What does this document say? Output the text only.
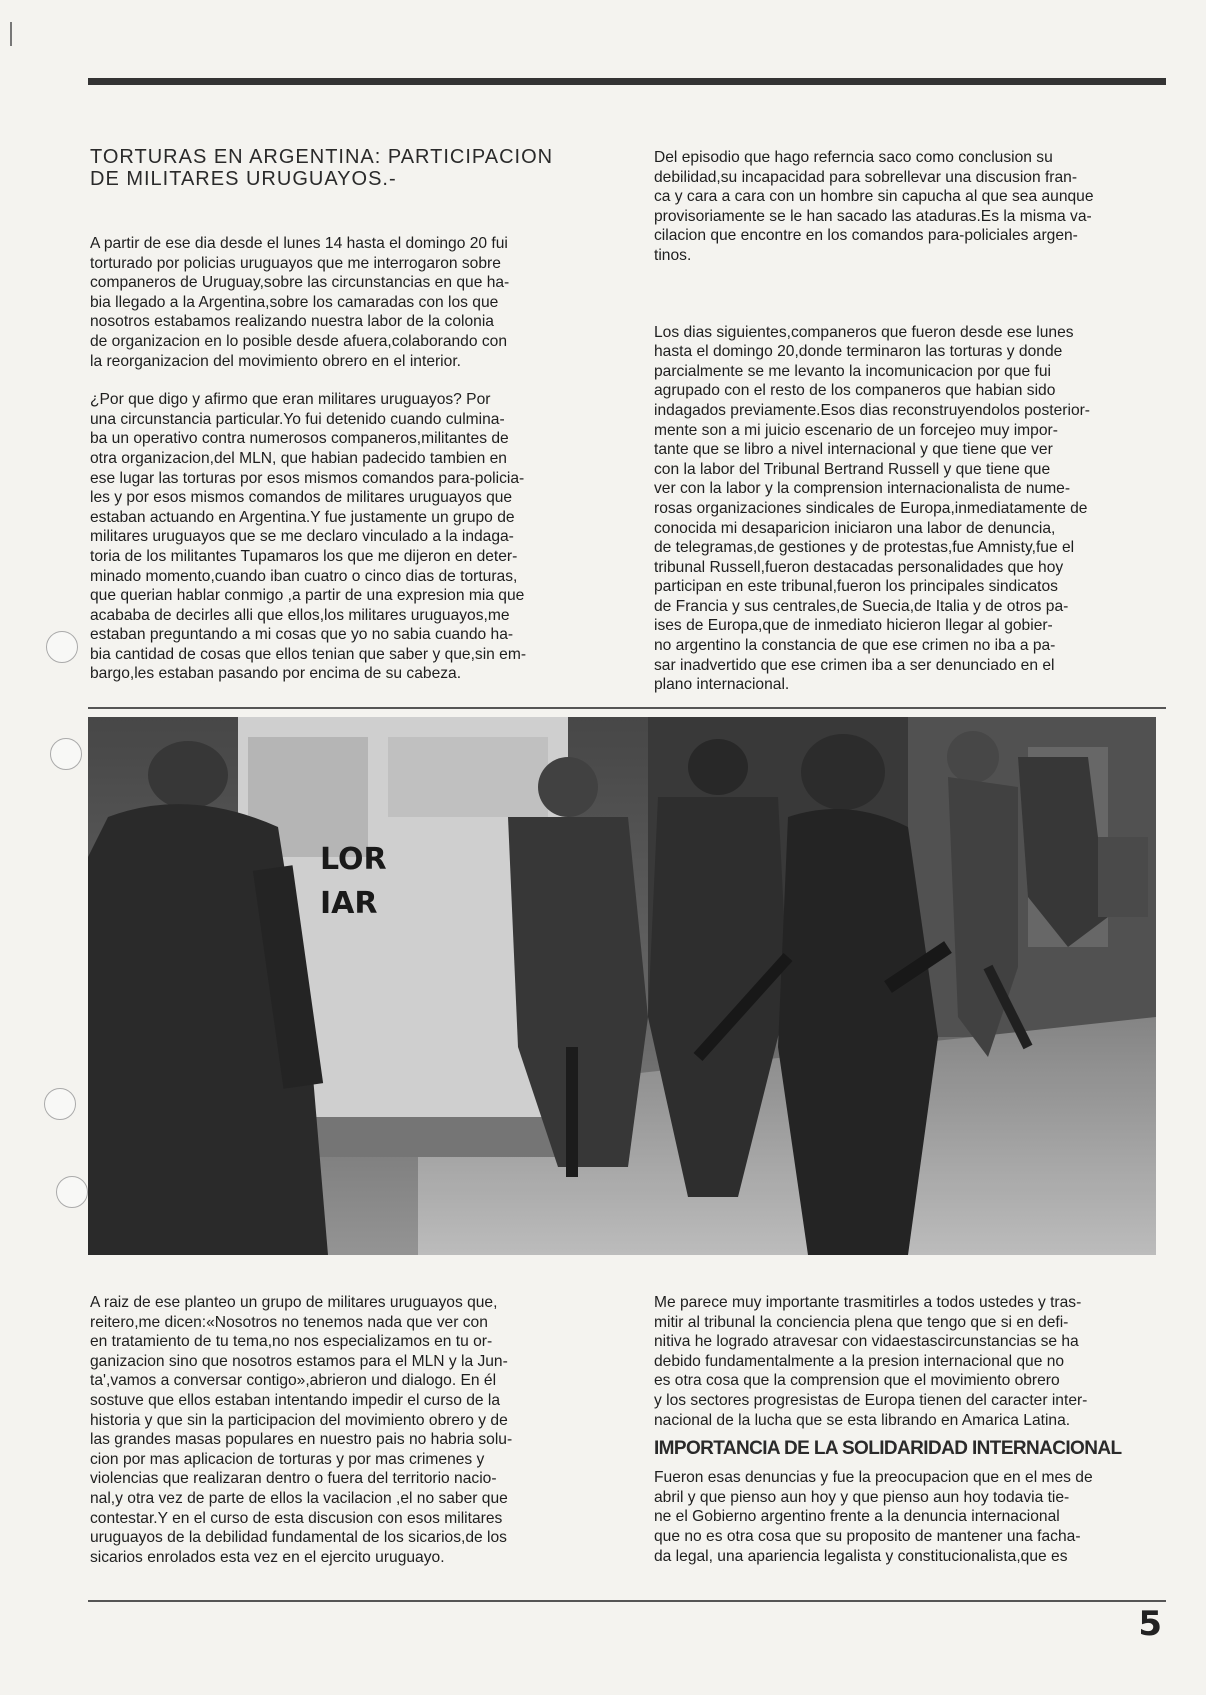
TORTURAS EN ARGENTINA: PARTICIPACION
DE MILITARES URUGUAYOS.-

A partir de ese dia desde el lunes 14 hasta el domingo 20 fui
torturado por policias uruguayos que me interrogaron sobre
companeros de Uruguay,sobre las circunstancias en que ha-
bia llegado a la Argentina,sobre los camaradas con los que
nosotros estabamos realizando nuestra labor de la colonia
de organizacion en lo posible desde afuera,colaborando con
la reorganizacion del movimiento obrero en el interior.

¿Por que digo y afirmo que eran militares uruguayos? Por
una circunstancia particular.Yo fui detenido cuando culmina-
ba un operativo contra numerosos companeros,militantes de
otra organizacion,del MLN, que habian padecido tambien en
ese lugar las torturas por esos mismos comandos para-policia-
les y por esos mismos comandos de militares uruguayos que
estaban actuando en Argentina.Y fue justamente un grupo de
militares uruguayos que se me declaro vinculado a la indaga-
toria de los militantes Tupamaros los que me dijeron en deter-
minado momento,cuando iban cuatro o cinco dias de torturas,
que querian hablar conmigo ,a partir de una expresion mia que
acababa de decirles alli que ellos,los militares uruguayos,me
estaban preguntando a mi cosas que yo no sabia cuando ha-
bia cantidad de cosas que ellos tenian que saber y que,sin em-
bargo,les estaban pasando por encima de su cabeza.

Del episodio que hago referncia saco como conclusion su
debilidad,su incapacidad para sobrellevar una discusion fran-
ca y cara a cara con un hombre sin capucha al que sea aunque
provisoriamente se le han sacado las ataduras.Es la misma va-
cilacion que encontre en los comandos para-policiales argen-
tinos.

Los dias siguientes,companeros que fueron desde ese lunes
hasta el domingo 20,donde terminaron las torturas y donde
parcialmente se me levanto la incomunicacion por que fui
agrupado con el resto de los companeros que habian sido
indagados previamente.Esos dias reconstruyendolos posterior-
mente son a mi juicio escenario de un forcejeo muy impor-
tante que se libro a nivel internacional y que tiene que ver
con la labor del Tribunal Bertrand Russell y que tiene que
ver con la labor y la comprension internacionalista de nume-
rosas organizaciones sindicales de Europa,inmediatamente de
conocida mi desaparicion iniciaron una labor de denuncia,
de telegramas,de gestiones y de protestas,fue Amnisty,fue el
tribunal Russell,fueron destacadas personalidades que hoy
participan en este tribunal,fueron los principales sindicatos
de Francia y sus centrales,de Suecia,de Italia y de otros pa-
ises de Europa,que de inmediato hicieron llegar al gobier-
no argentino la constancia de que ese crimen no iba a pa-
sar inadvertido que ese crimen iba a ser denunciado en el
plano internacional.

LOR
IAR

A raiz de ese planteo un grupo de militares uruguayos que,
reitero,me dicen:«Nosotros no tenemos nada que ver con
en tratamiento de tu tema,no nos especializamos en tu or-
ganizacion sino que nosotros estamos para el MLN y la Jun-
ta',vamos a conversar contigo»,abrieron und dialogo. En él
sostuve que ellos estaban intentando impedir el curso de la
historia y que sin la participacion del movimiento obrero y de
las grandes masas populares en nuestro pais no habria solu-
cion por mas aplicacion de torturas y por mas crimenes y
violencias que realizaran dentro o fuera del territorio nacio-
nal,y otra vez de parte de ellos la vacilacion ,el no saber que
contestar.Y en el curso de esta discusion con esos militares
uruguayos de la debilidad fundamental de los sicarios,de los
sicarios enrolados esta vez en el ejercito uruguayo.

Me parece muy importante trasmitirles a todos ustedes y tras-
mitir al tribunal la conciencia plena que tengo que si en defi-
nitiva he logrado atravesar con vidaestascircunstancias se ha
debido fundamentalmente a la presion internacional que no
es otra cosa que la comprension que el movimiento obrero
y los sectores progresistas de Europa tienen del caracter inter-
nacional de la lucha que se esta librando en Amarica Latina.

IMPORTANCIA DE LA SOLIDARIDAD INTERNACIONAL

Fueron esas denuncias y fue la preocupacion que en el mes de
abril y que pienso aun hoy y que pienso aun hoy todavia tie-
ne el Gobierno argentino frente a la denuncia internacional
que no es otra cosa que su proposito de mantener una facha-
da legal, una apariencia legalista y constitucionalista,que es

5
